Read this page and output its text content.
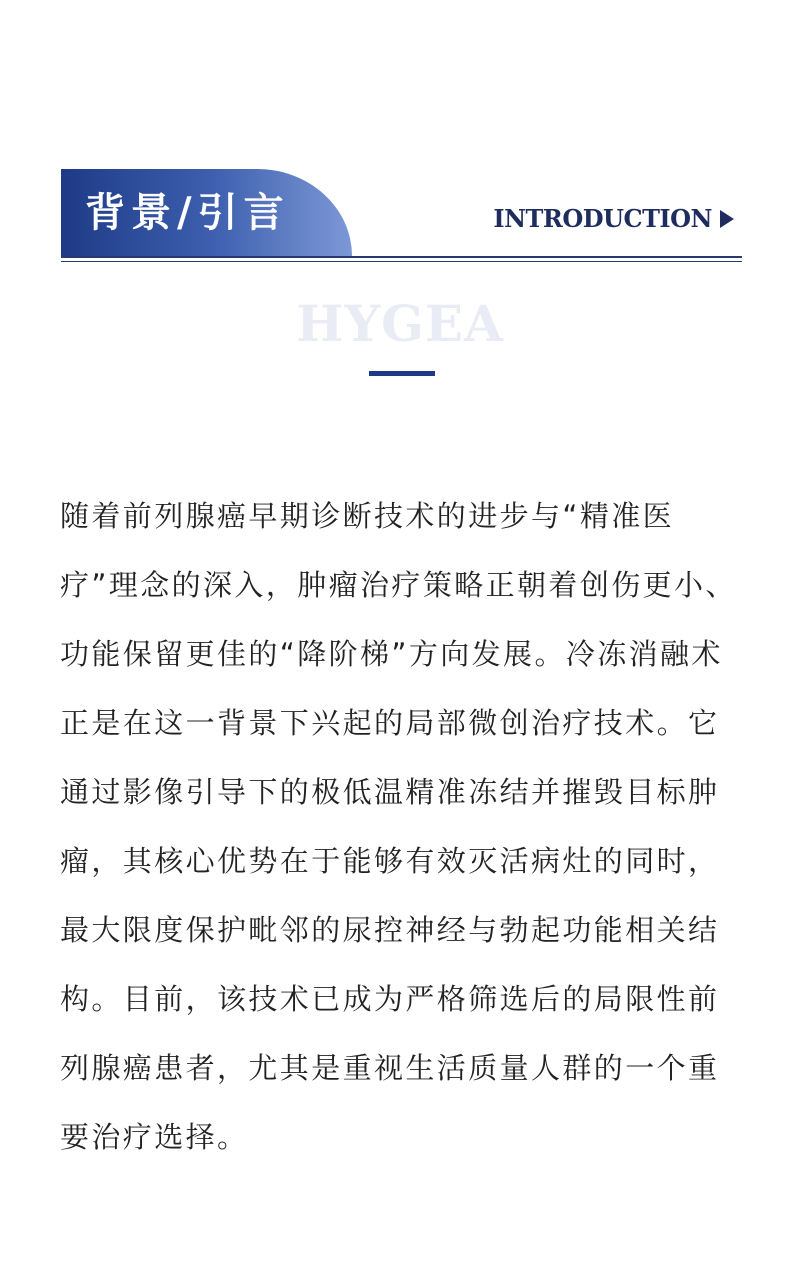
背景/引言	INTRODUCTION
HYGEA

随着前列腺癌早期诊断技术的进步与“精准医疗”理念的深入，肿瘤治疗策略正朝着创伤更小、功能保留更佳的“降阶梯”方向发展。冷冻消融术正是在这一背景下兴起的局部微创治疗技术。它通过影像引导下的极低温精准冻结并摧毁目标肿瘤，其核心优势在于能够有效灭活病灶的同时，最大限度保护毗邻的尿控神经与勃起功能相关结构。目前，该技术已成为严格筛选后的局限性前列腺癌患者，尤其是重视生活质量人群的一个重要治疗选择。
